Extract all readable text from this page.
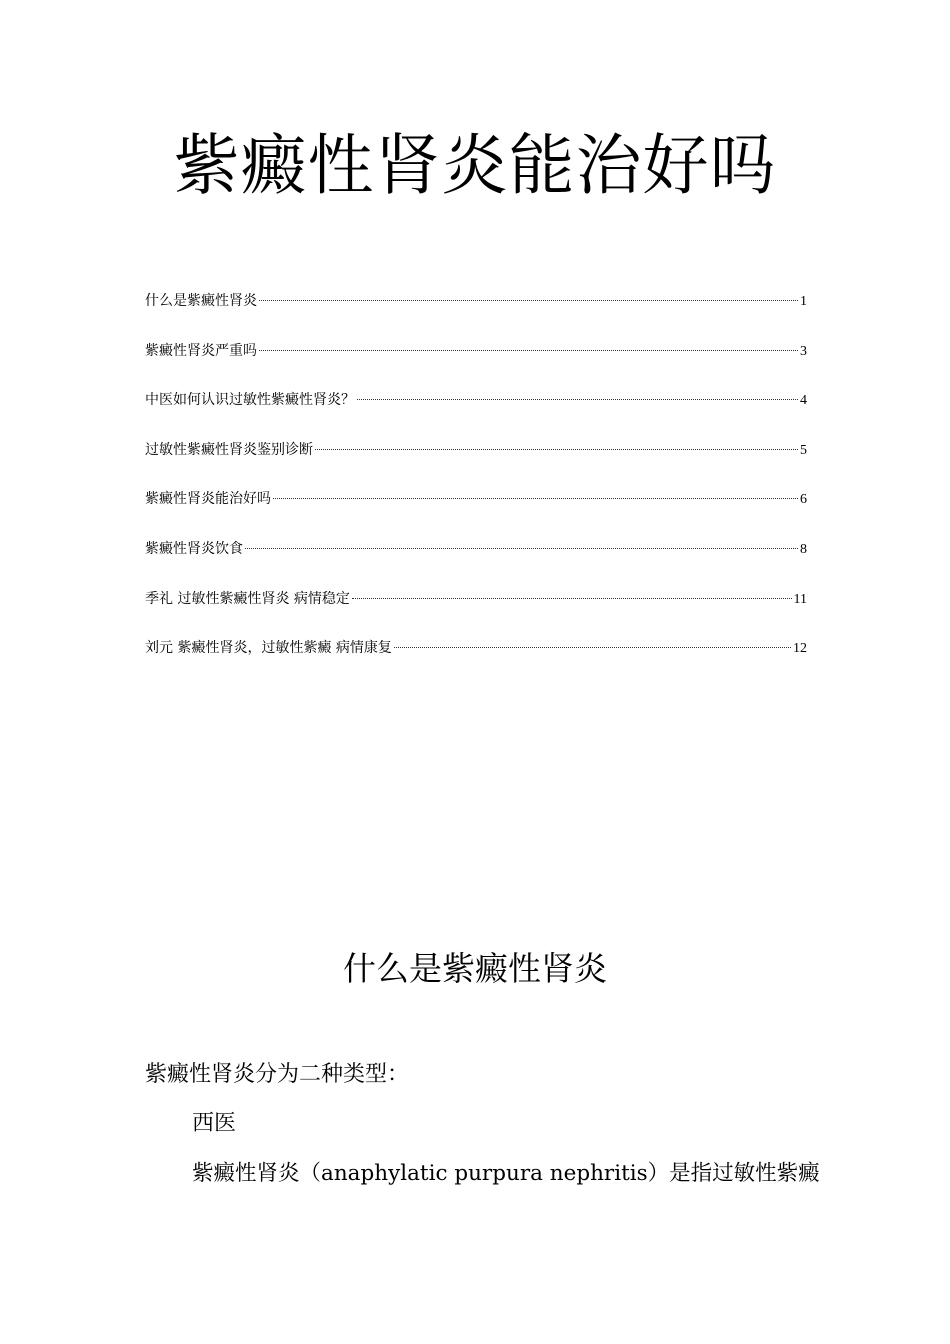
紫癜性肾炎能治好吗
什么是紫癜性肾炎	1
紫癜性肾炎严重吗	3
中医如何认识过敏性紫癜性肾炎？	4
过敏性紫癜性肾炎鉴别诊断	5
紫癜性肾炎能治好吗	6
紫癜性肾炎饮食	8
季礼 过敏性紫癜性肾炎 病情稳定	11
刘元 紫癜性肾炎，过敏性紫癜 病情康复	12
什么是紫癜性肾炎

紫癜性肾炎分为二种类型：

西医

紫癜性肾炎（anaphylatic purpura nephritis）是指过敏性紫癜
